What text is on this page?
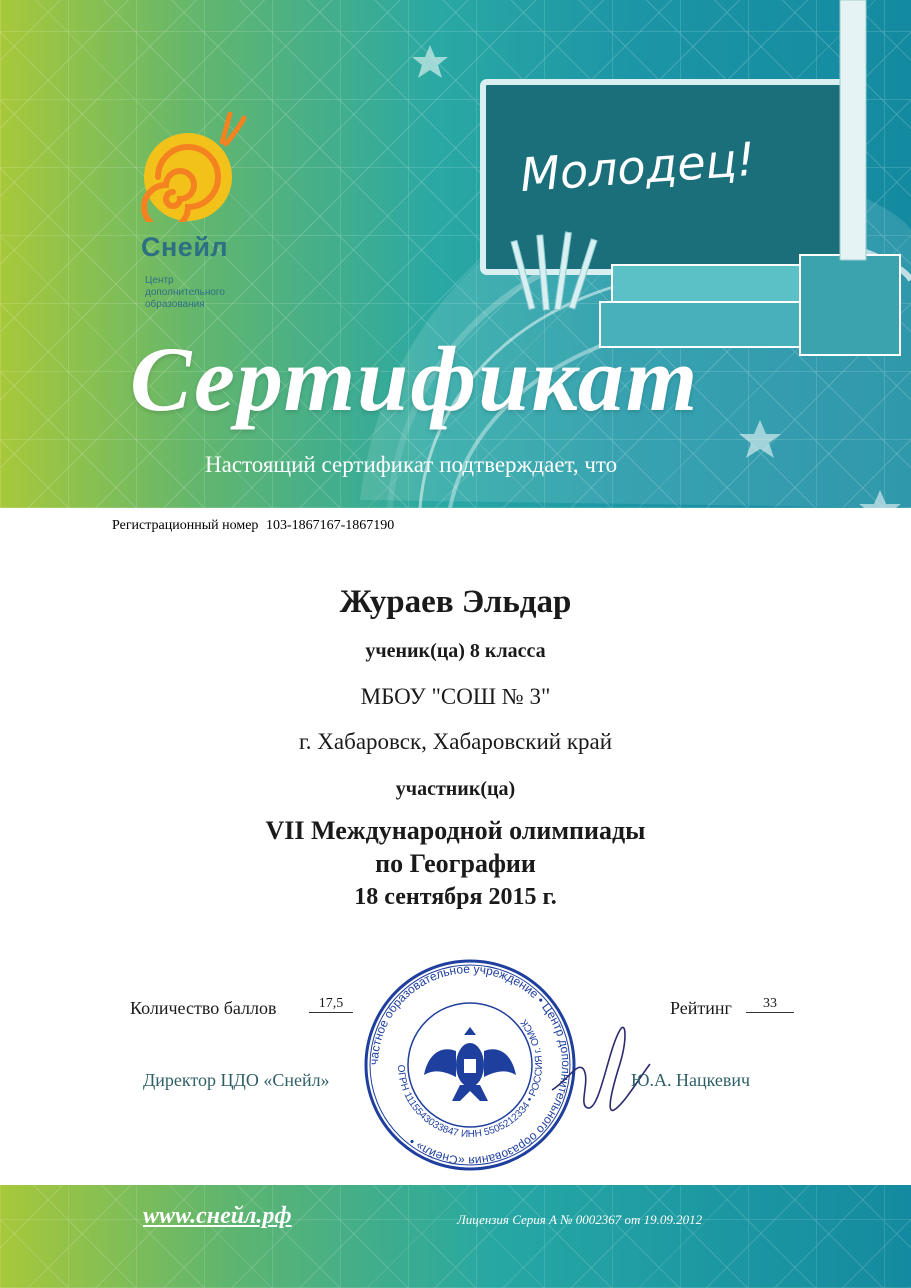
Снейл
Центр дополнительного образования
Молодец!
Сертификат
Настоящий сертификат подтверждает, что
Регистрационный номер 103-1867167-1867190
Жураев Эльдар
ученик(ца) 8 класса
МБОУ "СОШ № 3"
г. Хабаровск, Хабаровский край
участник(ца)
VII Международной олимпиады
по Географии
18 сентября 2015 г.
Количество баллов	17,5	Рейтинг	33
частное образовательное учреждение • Центр дополнительного образования «Снейл» •
ОГРН 1115543033847 ИНН 5505212334 • РОССИЯ г. ОМСК
Директор ЦДО «Снейл»	Ю.А. Нацкевич
www.снейл.рф	Лицензия Серия А № 0002367 от 19.09.2012
